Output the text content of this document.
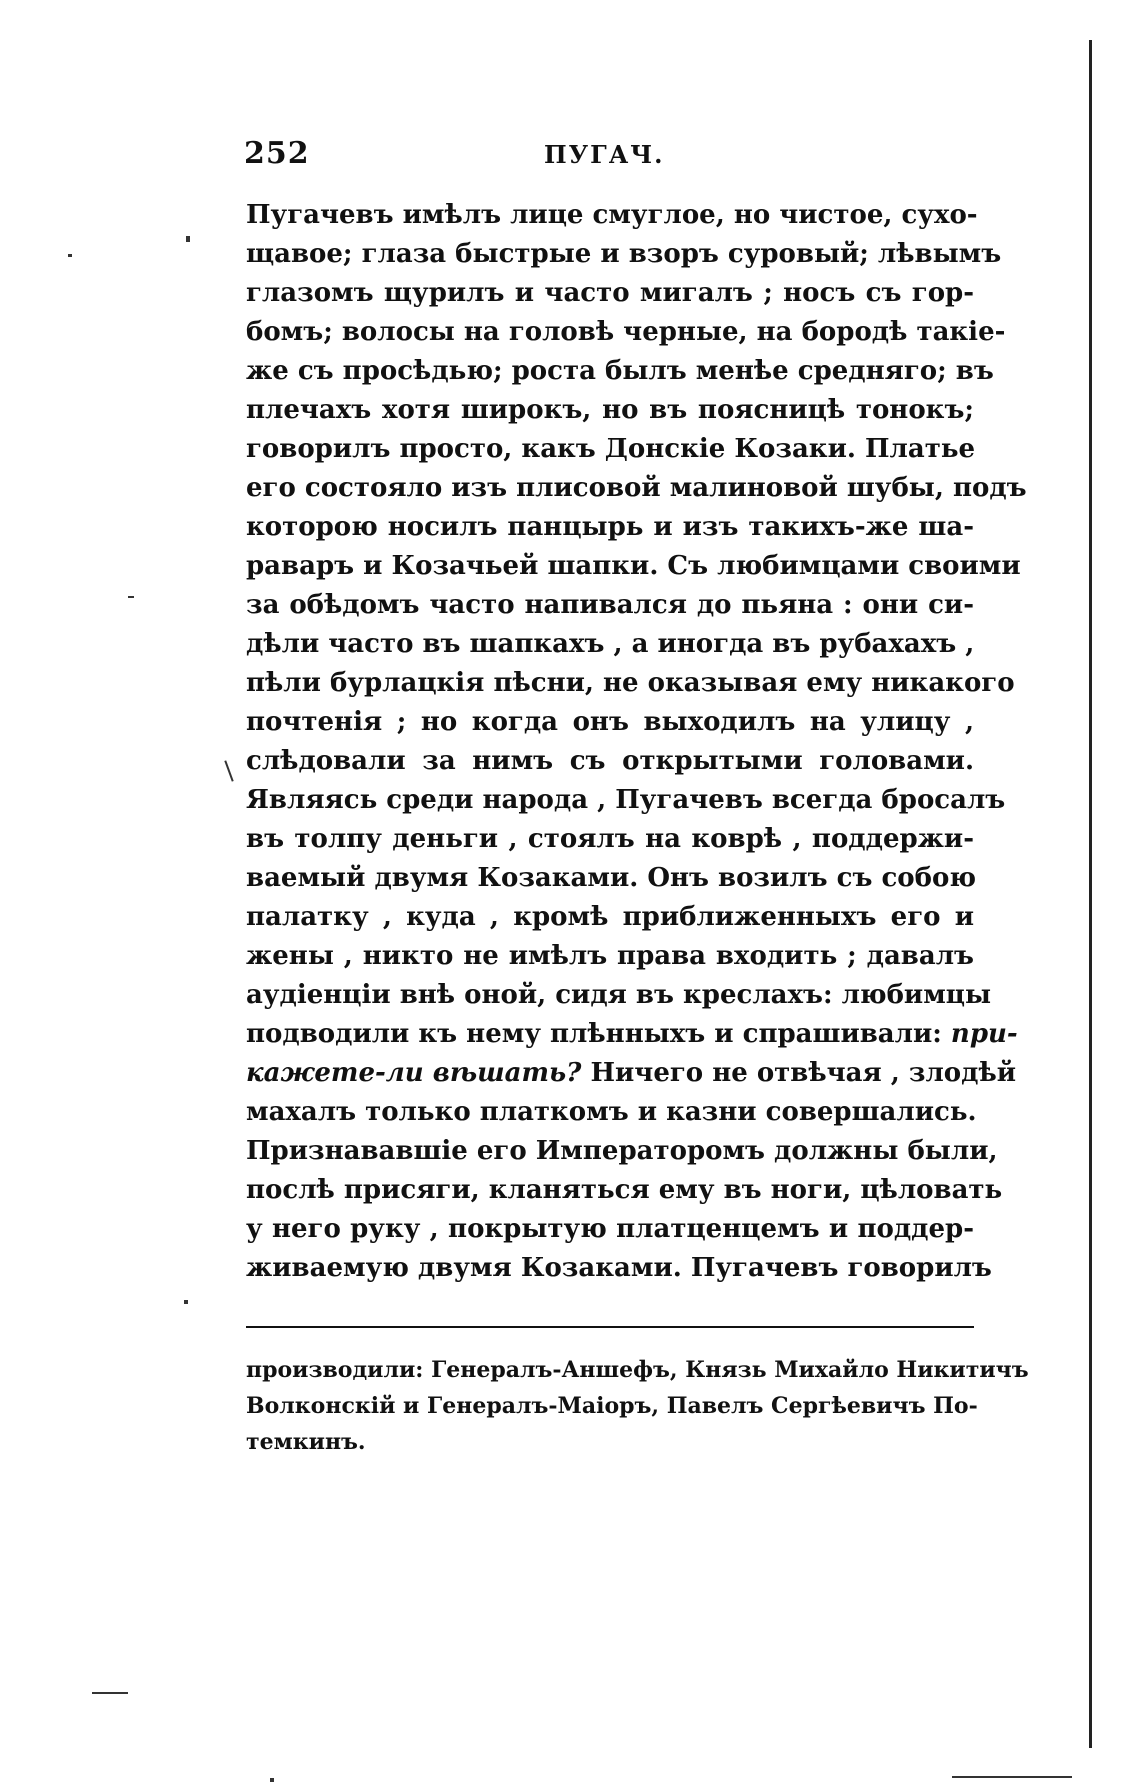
252	ПУГАЧ.
Пугачевъ имѣлъ лице смуглое, но чистое, сухо-
щавое; глаза быстрые и взоръ суровый; лѣвымъ
глазомъ щурилъ и часто мигалъ ; носъ съ гор-
бомъ; волосы на головѣ черные, на бородѣ такiе-
же съ просѣдью; роста былъ менѣе средняго; въ
плечахъ хотя широкъ, но въ поясницѣ тонокъ;
говорилъ просто, какъ Донскiе Козаки. Платье
его состояло изъ плисовой малиновой шубы, подъ
которою носилъ панцырь и изъ такихъ-же ша-
раваръ и Козачьей шапки. Съ любимцами своими
за обѣдомъ часто напивался до пьяна : они си-
дѣли часто въ шапкахъ , а иногда въ рубахахъ ,
пѣли бурлацкiя пѣсни, не оказывая ему никакого
почтенiя ; но когда онъ выходилъ на улицу ,
слѣдовали за нимъ съ открытыми головами.
Являясь среди народа , Пугачевъ всегда бросалъ
въ толпу деньги , стоялъ на коврѣ , поддержи-
ваемый двумя Козаками. Онъ возилъ съ собою
палатку , куда , кромѣ приближенныхъ его и
жены , никто не имѣлъ права входить ; давалъ
аудiенцiи внѣ оной, сидя въ креслахъ: любимцы
подводили къ нему плѣнныхъ и спрашивали: при-
кажете-ли вѣшать? Ничего не отвѣчая , злодѣй
махалъ только платкомъ и казни совершались.
Признававшiе его Императоромъ должны были,
послѣ присяги, кланяться ему въ ноги, цѣловать
у него руку , покрытую платценцемъ и поддер-
живаемую двумя Козаками. Пугачевъ говорилъ
производили: Генералъ-Аншефъ, Князь Михайло Никитичъ
Волконскiй и Генералъ-Маiоръ, Павелъ Сергѣевичъ По-
темкинъ.
